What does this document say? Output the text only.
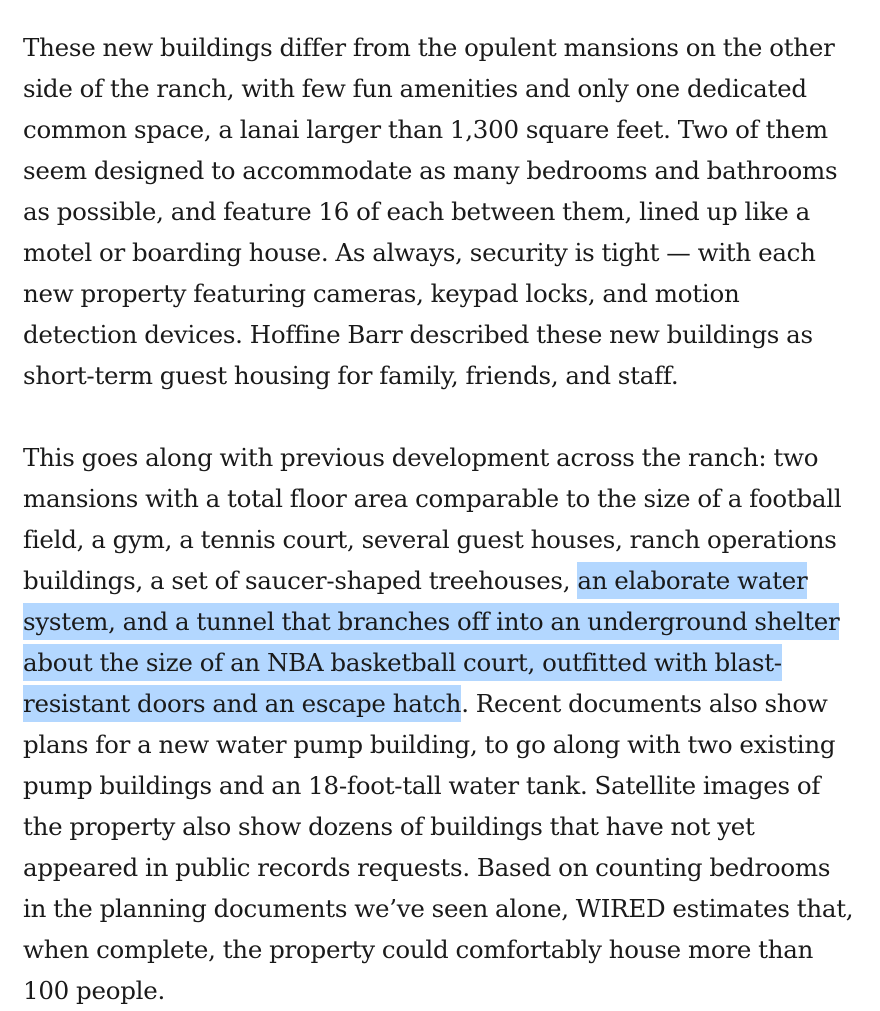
These new buildings differ from the opulent mansions on the other side of the ranch, with few fun amenities and only one dedicated common space, a lanai larger than 1,300 square feet. Two of them seem designed to accommodate as many bedrooms and bathrooms as possible, and feature 16 of each between them, lined up like a motel or boarding house. As always, security is tight — with each new property featuring cameras, keypad locks, and motion detection devices. Hoffine Barr described these new buildings as short-term guest housing for family, friends, and staff.

This goes along with previous development across the ranch: two mansions with a total floor area comparable to the size of a football field, a gym, a tennis court, several guest houses, ranch operations buildings, a set of saucer-shaped treehouses, an elaborate water system, and a tunnel that branches off into an underground shelter about the size of an NBA basketball court, outfitted with blast-resistant doors and an escape hatch. Recent documents also show plans for a new water pump building, to go along with two existing pump buildings and an 18-foot-tall water tank. Satellite images of the property also show dozens of buildings that have not yet appeared in public records requests. Based on counting bedrooms in the planning documents we’ve seen alone, WIRED estimates that, when complete, the property could comfortably house more than 100 people.
